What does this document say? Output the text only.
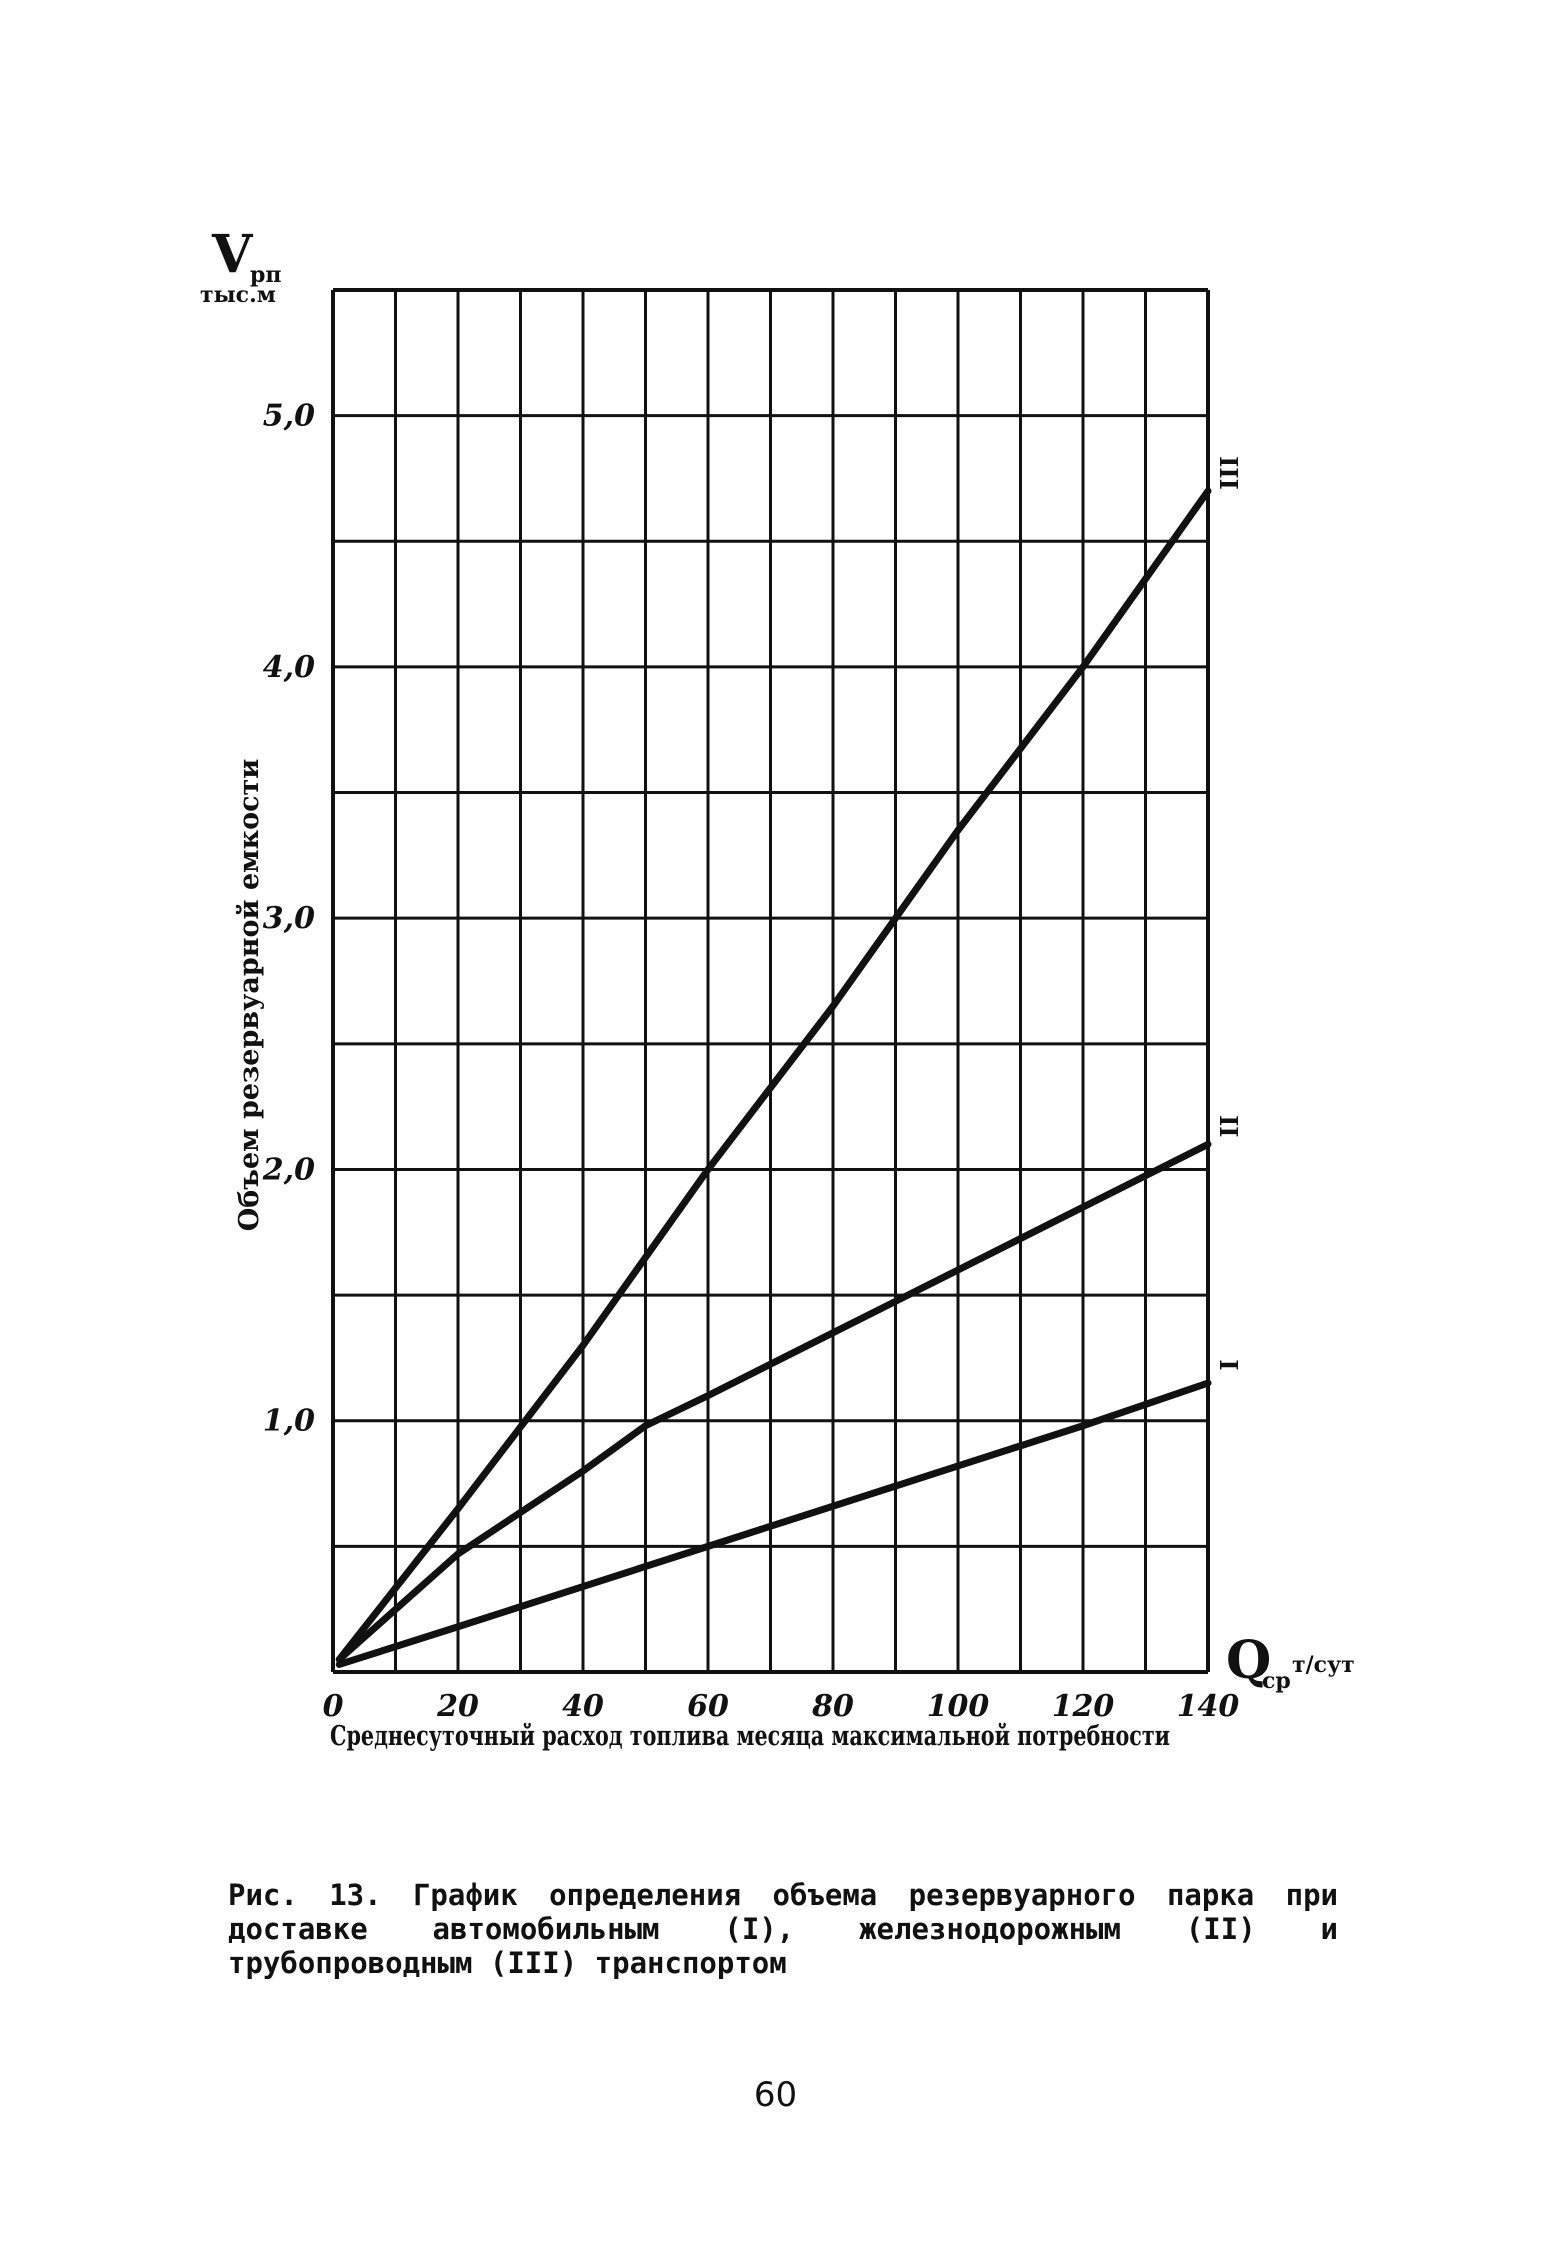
III
II
I
0	20	40	60	80 100 120 140
1,0
2,0
3,0
4,0
5,0
V
рп
тыс.м
Объем резервуарной емкости
Q
ср
т/сут
Среднесуточный расход топлива месяца максимальной потребности
Рис. 13. График определения объема резервуарного парка при доставке автомобильным (I), железнодорожным (II) и трубопроводным (III) транспортом
60
